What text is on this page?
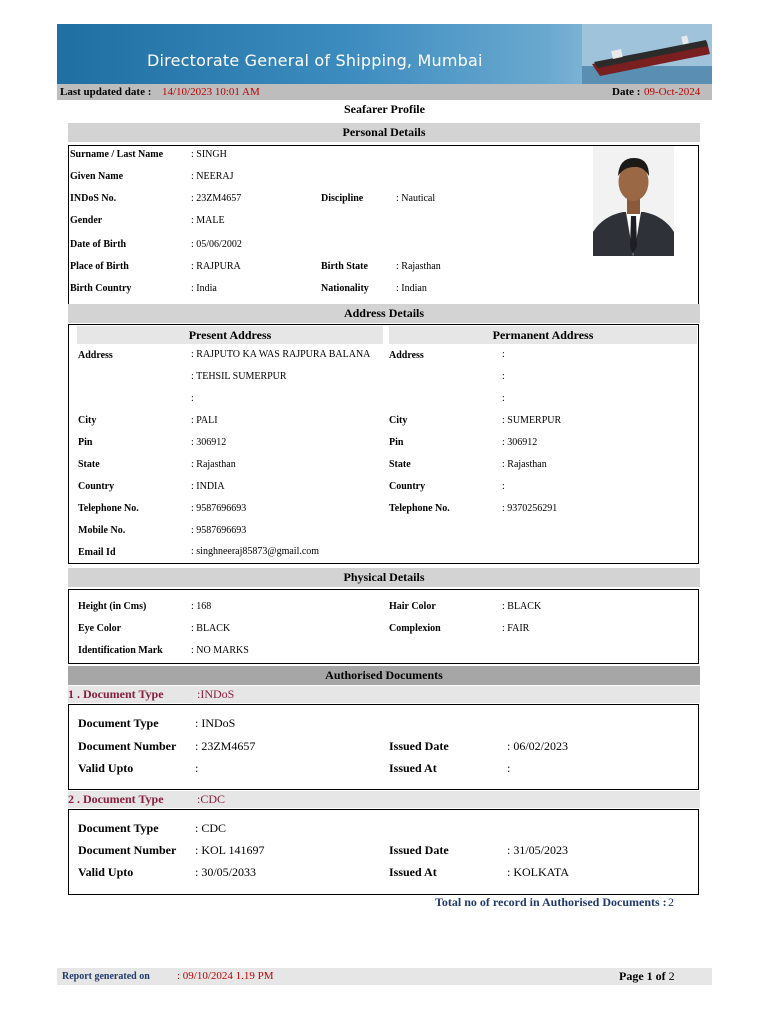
Directorate General of Shipping, Mumbai
Last updated date : 14/10/2023 10:01 AM	Date : 09-Oct-2024
Seafarer Profile
Personal Details
Surname / Last Name	: SINGH
Given Name	: NEERAJ
INDoS No.	: 23ZM4657	Discipline	: Nautical
Gender	: MALE
Date of Birth	: 05/06/2002
Place of Birth	: RAJPURA	Birth State	: Rajasthan
Birth Country	: India	Nationality	: Indian
Address Details
Present Address	Permanent Address
Address	: RAJPUTO KA WAS RAJPURA BALANA
: TEHSIL SUMERPUR
:
City	: PALI
Pin	: 306912
State	: Rajasthan
Country	: INDIA
Telephone No.	: 9587696693
Mobile No.	: 9587696693
Email Id	: singhneeraj85873@gmail.com
Address	:
:
:
City	: SUMERPUR
Pin	: 306912
State	: Rajasthan
Country	:
Telephone No.	: 9370256291
Physical Details
Height (in Cms)	: 168	Hair Color	: BLACK
Eye Color	: BLACK	Complexion	: FAIR
Identification Mark	: NO MARKS
Authorised Documents
1 . Document Type	:INDoS
Document Type	: INDoS
Document Number : 23ZM4657	Issued Date	: 06/02/2023
Valid Upto	:	Issued At	:
2 . Document Type	:CDC
Document Type	: CDC
Document Number : KOL 141697	Issued Date	: 31/05/2023
Valid Upto	: 30/05/2033	Issued At	: KOLKATA
Total no of record in Authorised Documents : 2
Report generated on : 09/10/2024 1.19 PM	Page 1 of 2
